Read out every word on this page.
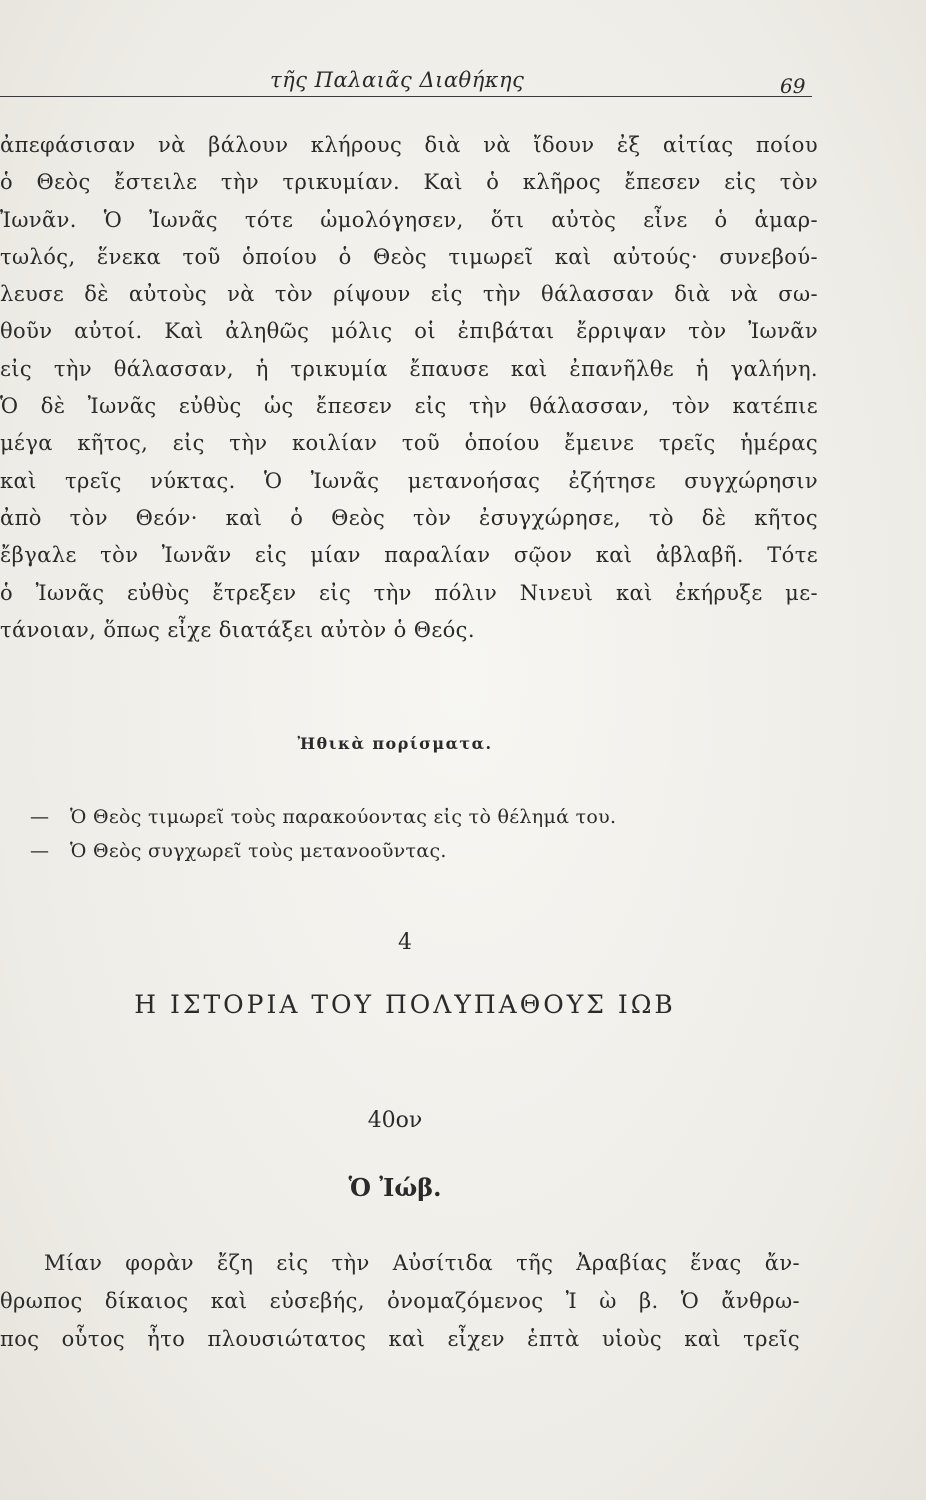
τῆς Παλαιᾶς Διαθήκης	69
ἀπεφάσισαν νὰ βάλουν κλήρους διὰ νὰ ἴδουν ἐξ αἰτίας ποίου
ὁ Θεὸς ἔστειλε τὴν τρικυμίαν. Καὶ ὁ κλῆρος ἔπεσεν εἰς τὸν
Ἰωνᾶν. Ὁ Ἰωνᾶς τότε ὡμολόγησεν, ὅτι αὐτὸς εἶνε ὁ ἁμαρ-
τωλός, ἕνεκα τοῦ ὁποίου ὁ Θεὸς τιμωρεῖ καὶ αὐτούς· συνεβού-
λευσε δὲ αὐτοὺς νὰ τὸν ρίψουν εἰς τὴν θάλασσαν διὰ νὰ σω-
θοῦν αὐτοί. Καὶ ἀληθῶς μόλις οἱ ἐπιβάται ἔρριψαν τὸν Ἰωνᾶν
εἰς τὴν θάλασσαν, ἡ τρικυμία ἔπαυσε καὶ ἐπανῆλθε ἡ γαλήνη.
Ὁ δὲ Ἰωνᾶς εὐθὺς ὡς ἔπεσεν εἰς τὴν θάλασσαν, τὸν κατέπιε
μέγα κῆτος, εἰς τὴν κοιλίαν τοῦ ὁποίου ἔμεινε τρεῖς ἡμέρας
καὶ τρεῖς νύκτας. Ὁ Ἰωνᾶς μετανοήσας ἐζήτησε συγχώρησιν
ἀπὸ τὸν Θεόν· καὶ ὁ Θεὸς τὸν ἐσυγχώρησε, τὸ δὲ κῆτος
ἔβγαλε τὸν Ἰωνᾶν εἰς μίαν παραλίαν σῷον καὶ ἀβλαβῆ. Τότε
ὁ Ἰωνᾶς εὐθὺς ἔτρεξεν εἰς τὴν πόλιν Νινευὶ καὶ ἐκήρυξε με-
τάνοιαν, ὅπως εἶχε διατάξει αὐτὸν ὁ Θεός.
Ἠθικὰ πορίσματα.
— Ὁ Θεὸς τιμωρεῖ τοὺς παρακούοντας εἰς τὸ θέλημά του.
— Ὁ Θεὸς συγχωρεῖ τοὺς μετανοοῦντας.
4
Η ΙΣΤΟΡΙΑ ΤΟΥ ΠΟΛΥΠΑΘΟΥΣ ΙΩΒ
40ον
Ὁ Ἰώβ.
Μίαν φορὰν ἔζη εἰς τὴν Αὐσίτιδα τῆς Ἀραβίας ἕνας ἄν-
θρωπος δίκαιος καὶ εὐσεβής, ὀνομαζόμενος Ἰ ὼ β. Ὁ ἄνθρω-
πος οὗτος ἦτο πλουσιώτατος καὶ εἶχεν ἑπτὰ υἱοὺς καὶ τρεῖς
